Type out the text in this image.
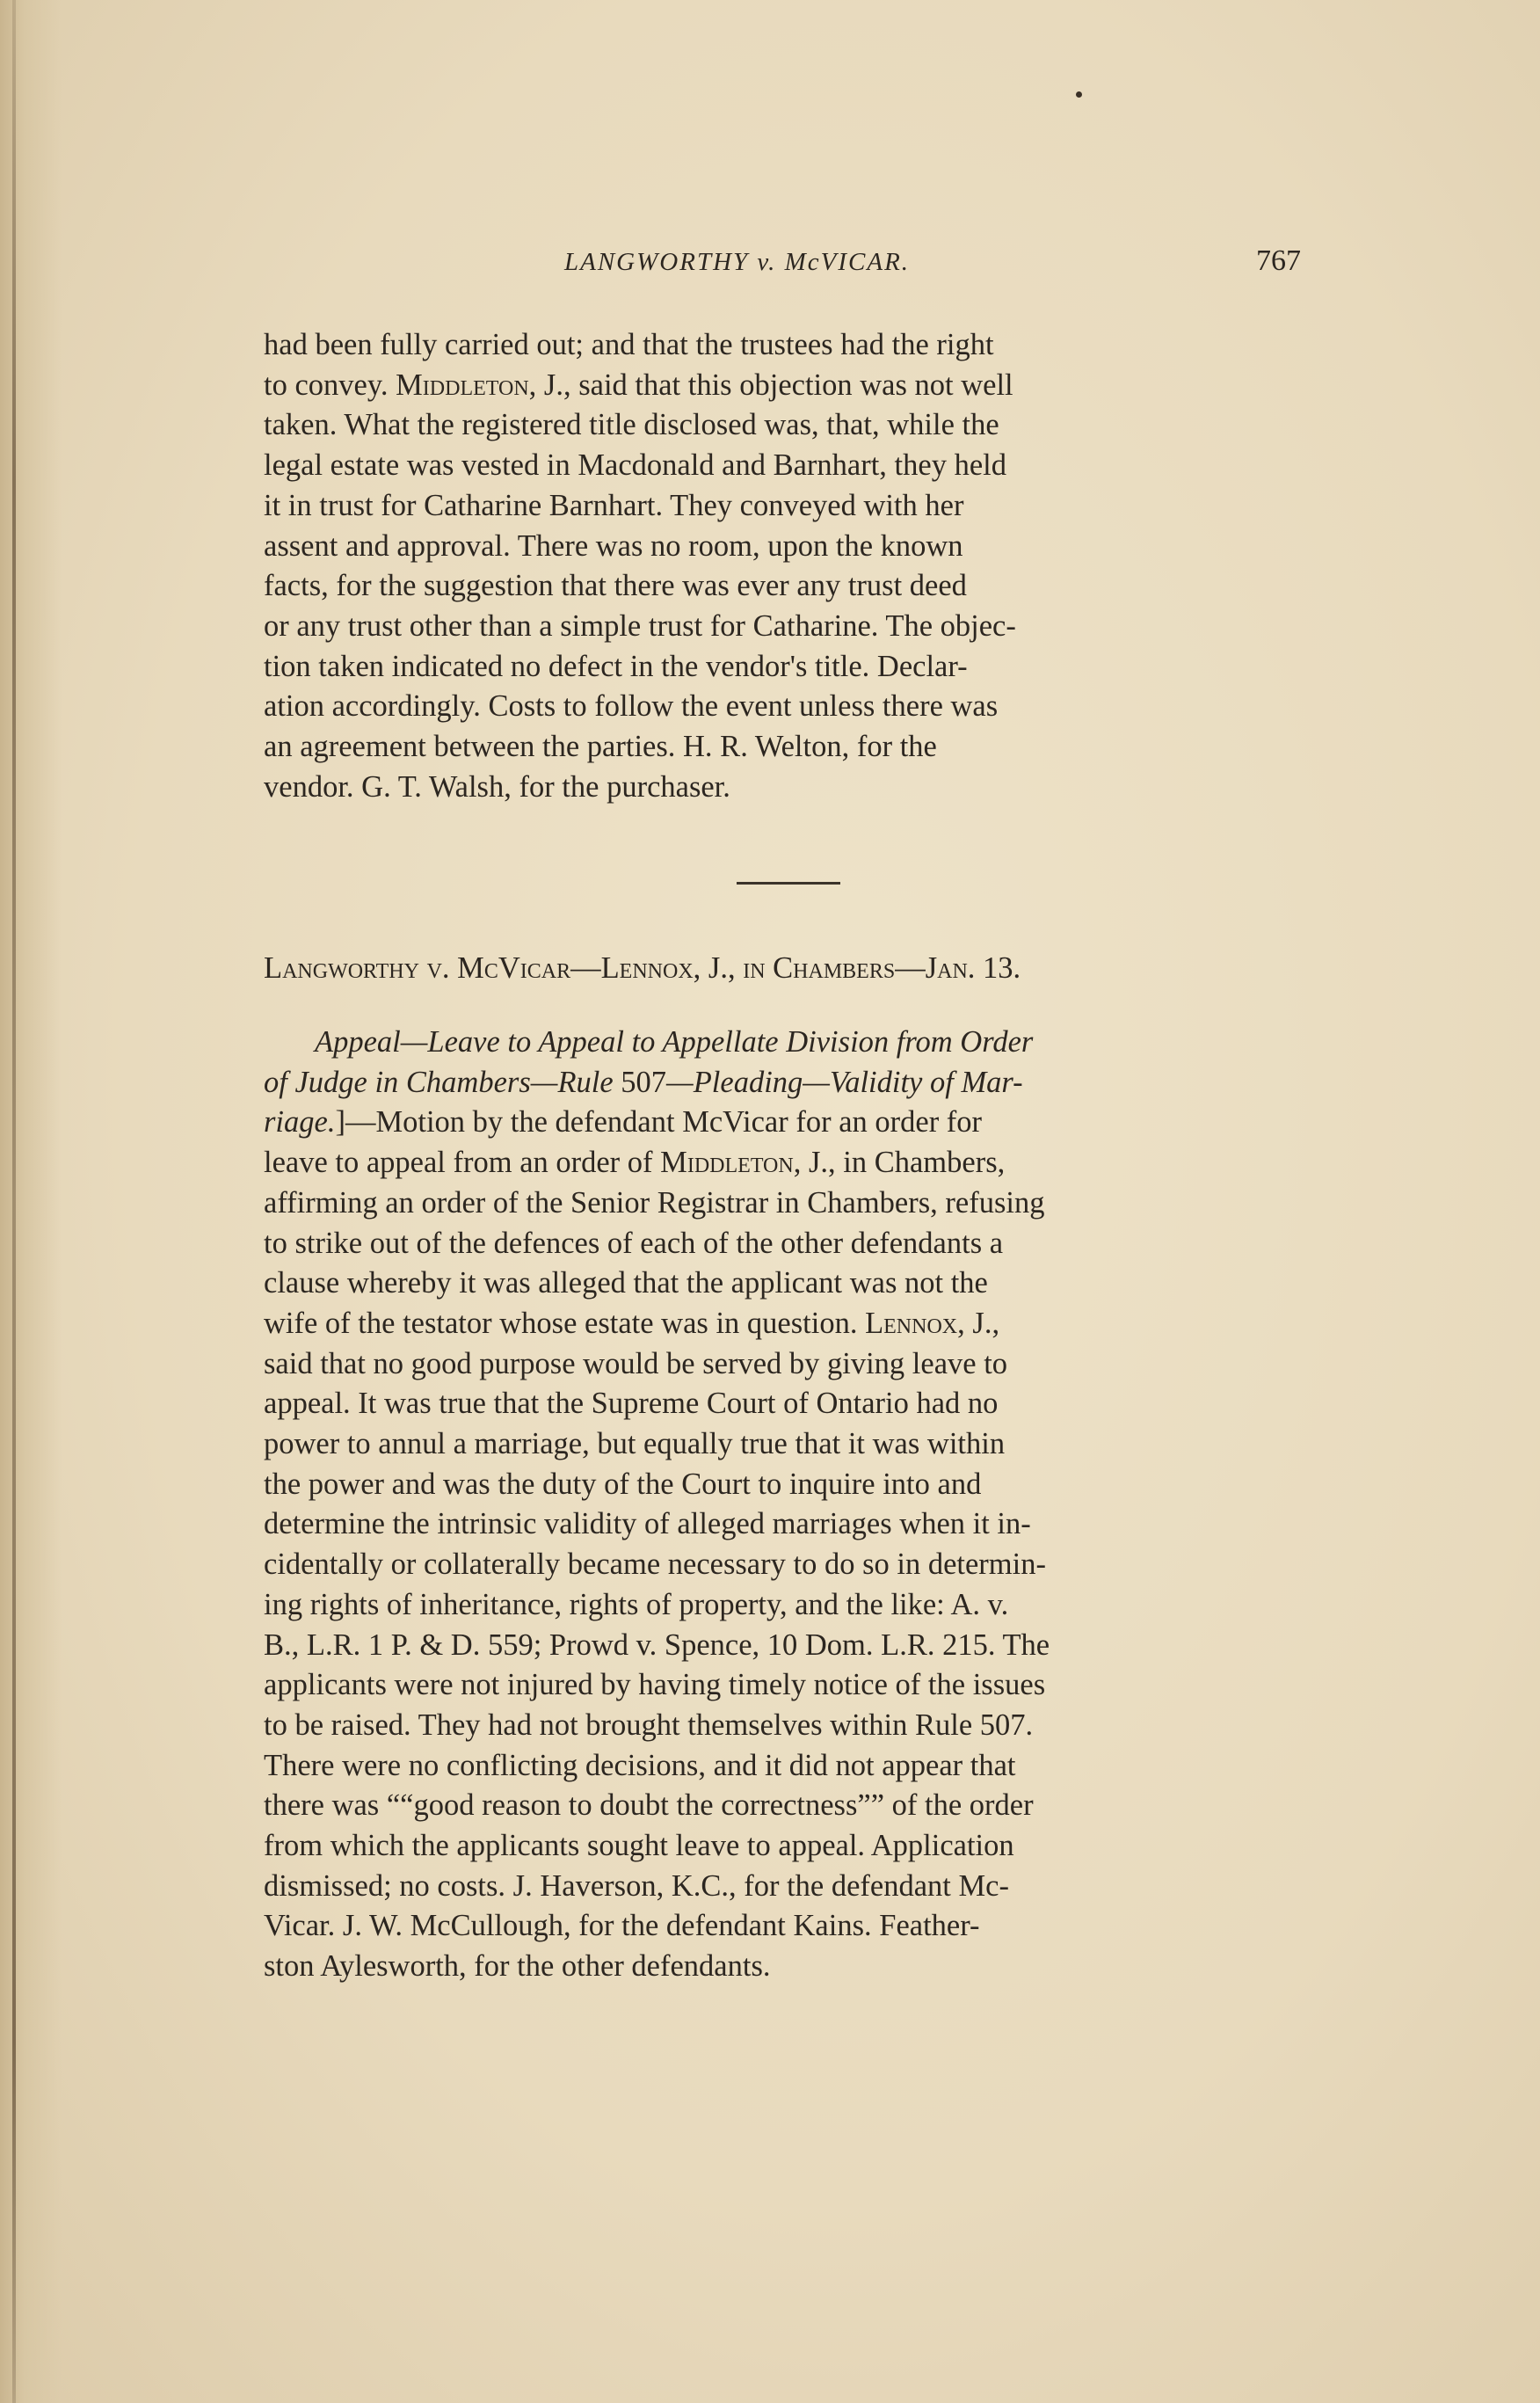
LANGWORTHY v. McVICAR.	767
had been fully carried out; and that the trustees had the right
to convey. Middleton, J., said that this objection was not well
taken. What the registered title disclosed was, that, while the
legal estate was vested in Macdonald and Barnhart, they held
it in trust for Catharine Barnhart. They conveyed with her
assent and approval. There was no room, upon the known
facts, for the suggestion that there was ever any trust deed
or any trust other than a simple trust for Catharine. The objec-
tion taken indicated no defect in the vendor's title. Declar-
ation accordingly. Costs to follow the event unless there was
an agreement between the parties. H. R. Welton, for the
vendor. G. T. Walsh, for the purchaser.
Langworthy v. McVicar—Lennox, J., in Chambers—Jan. 13.
Appeal—Leave to Appeal to Appellate Division from Order
of Judge in Chambers—Rule 507—Pleading—Validity of Mar-
riage.]—Motion by the defendant McVicar for an order for
leave to appeal from an order of Middleton, J., in Chambers,
affirming an order of the Senior Registrar in Chambers, refusing
to strike out of the defences of each of the other defendants a
clause whereby it was alleged that the applicant was not the
wife of the testator whose estate was in question. Lennox, J.,
said that no good purpose would be served by giving leave to
appeal. It was true that the Supreme Court of Ontario had no
power to annul a marriage, but equally true that it was within
the power and was the duty of the Court to inquire into and
determine the intrinsic validity of alleged marriages when it in-
cidentally or collaterally became necessary to do so in determin-
ing rights of inheritance, rights of property, and the like: A. v.
B., L.R. 1 P. & D. 559; Prowd v. Spence, 10 Dom. L.R. 215. The
applicants were not injured by having timely notice of the issues
to be raised. They had not brought themselves within Rule 507.
There were no conflicting decisions, and it did not appear that
there was ““good reason to doubt the correctness”” of the order
from which the applicants sought leave to appeal. Application
dismissed; no costs. J. Haverson, K.C., for the defendant Mc-
Vicar. J. W. McCullough, for the defendant Kains. Feather-
ston Aylesworth, for the other defendants.
